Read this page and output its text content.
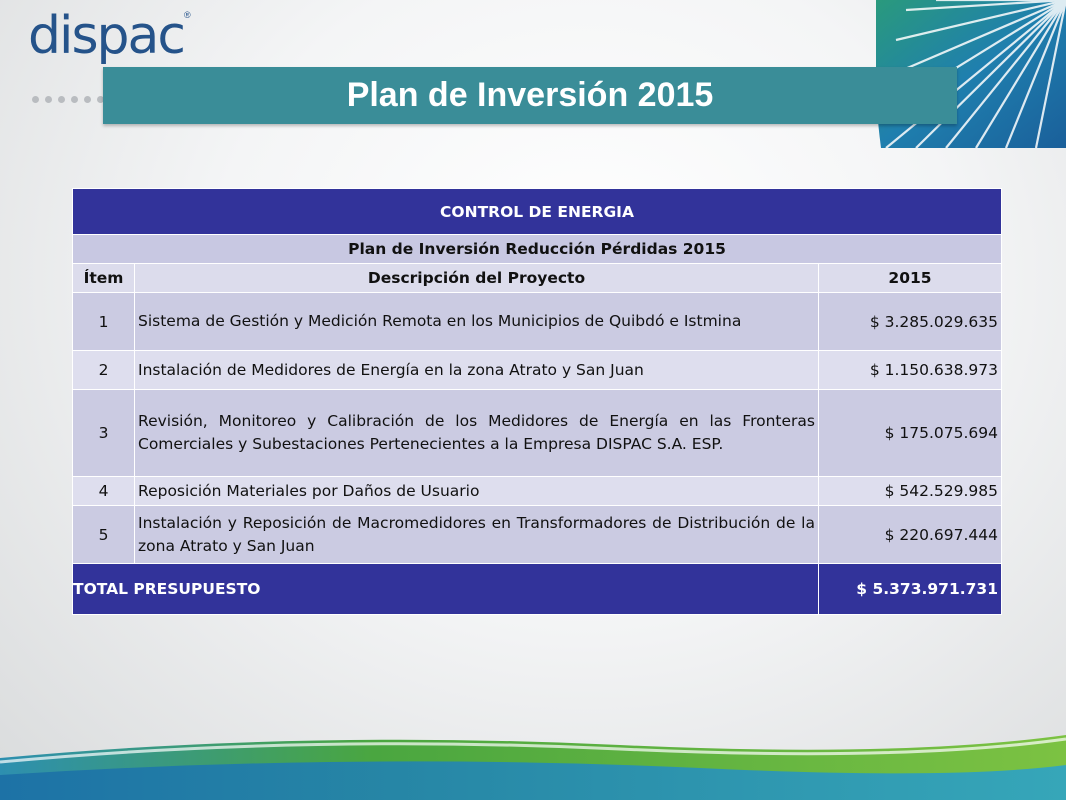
dispac®
Plan de Inversión 2015
CONTROL DE ENERGIA		
Plan de Inversión Reducción Pérdidas 2015		
Ítem	Descripción del Proyecto	2015
1	Sistema de Gestión y Medición Remota en los Municipios de Quibdó e Istmina	$ 3.285.029.635
2	Instalación de Medidores de Energía en la zona Atrato y San Juan	$ 1.150.638.973
3	Revisión, Monitoreo y Calibración de los Medidores de Energía en las Fronteras Comerciales y Subestaciones Pertenecientes a la Empresa DISPAC S.A. ESP.	$ 175.075.694
4	Reposición Materiales por Daños de Usuario	$ 542.529.985
5	Instalación y Reposición de Macromedidores en Transformadores de Distribución de la zona Atrato y San Juan	$ 220.697.444
TOTAL PRESUPUESTO		$ 5.373.971.731
